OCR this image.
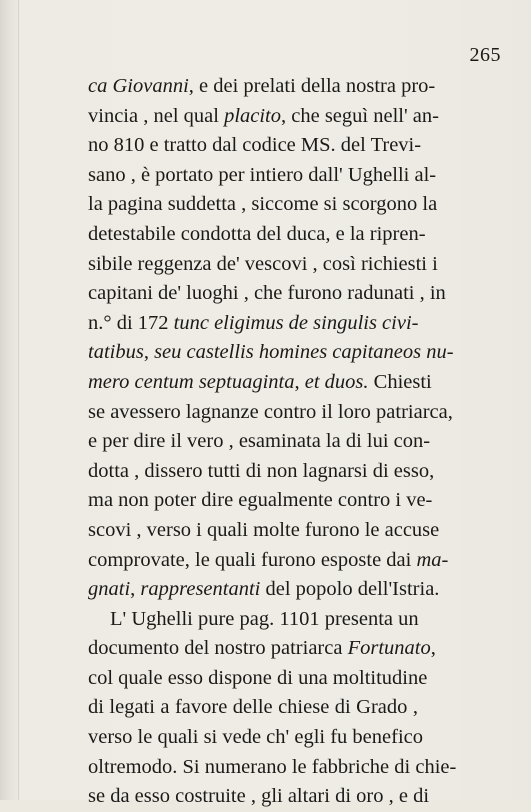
265
ca Giovanni, e dei prelati della nostra pro-
vincia , nel qual placito, che seguì nell' an-
no 810 e tratto dal codice MS. del Trevi-
sano , è portato per intiero dall' Ughelli al-
la pagina suddetta , siccome si scorgono la
detestabile condotta del duca, e la ripren-
sibile reggenza de' vescovi , così richiesti i
capitani de' luoghi , che furono radunati , in
n.° di 172 tunc eligimus de singulis civi-
tatibus, seu castellis homines capitaneos nu-
mero centum septuaginta, et duos. Chiesti
se avessero lagnanze contro il loro patriarca,
e per dire il vero , esaminata la di lui con-
dotta , dissero tutti di non lagnarsi di esso,
ma non poter dire egualmente contro i ve-
scovi , verso i quali molte furono le accuse
comprovate, le quali furono esposte dai ma-
gnati, rappresentanti del popolo dell'Istria.
L' Ughelli pure pag. 1101 presenta un
documento del nostro patriarca Fortunato,
col quale esso dispone di una moltitudine
di legati a favore delle chiese di Grado ,
verso le quali si vede ch' egli fu benefico
oltremodo. Si numerano le fabbriche di chie-
se da esso costruite , gli altari di oro , e di
